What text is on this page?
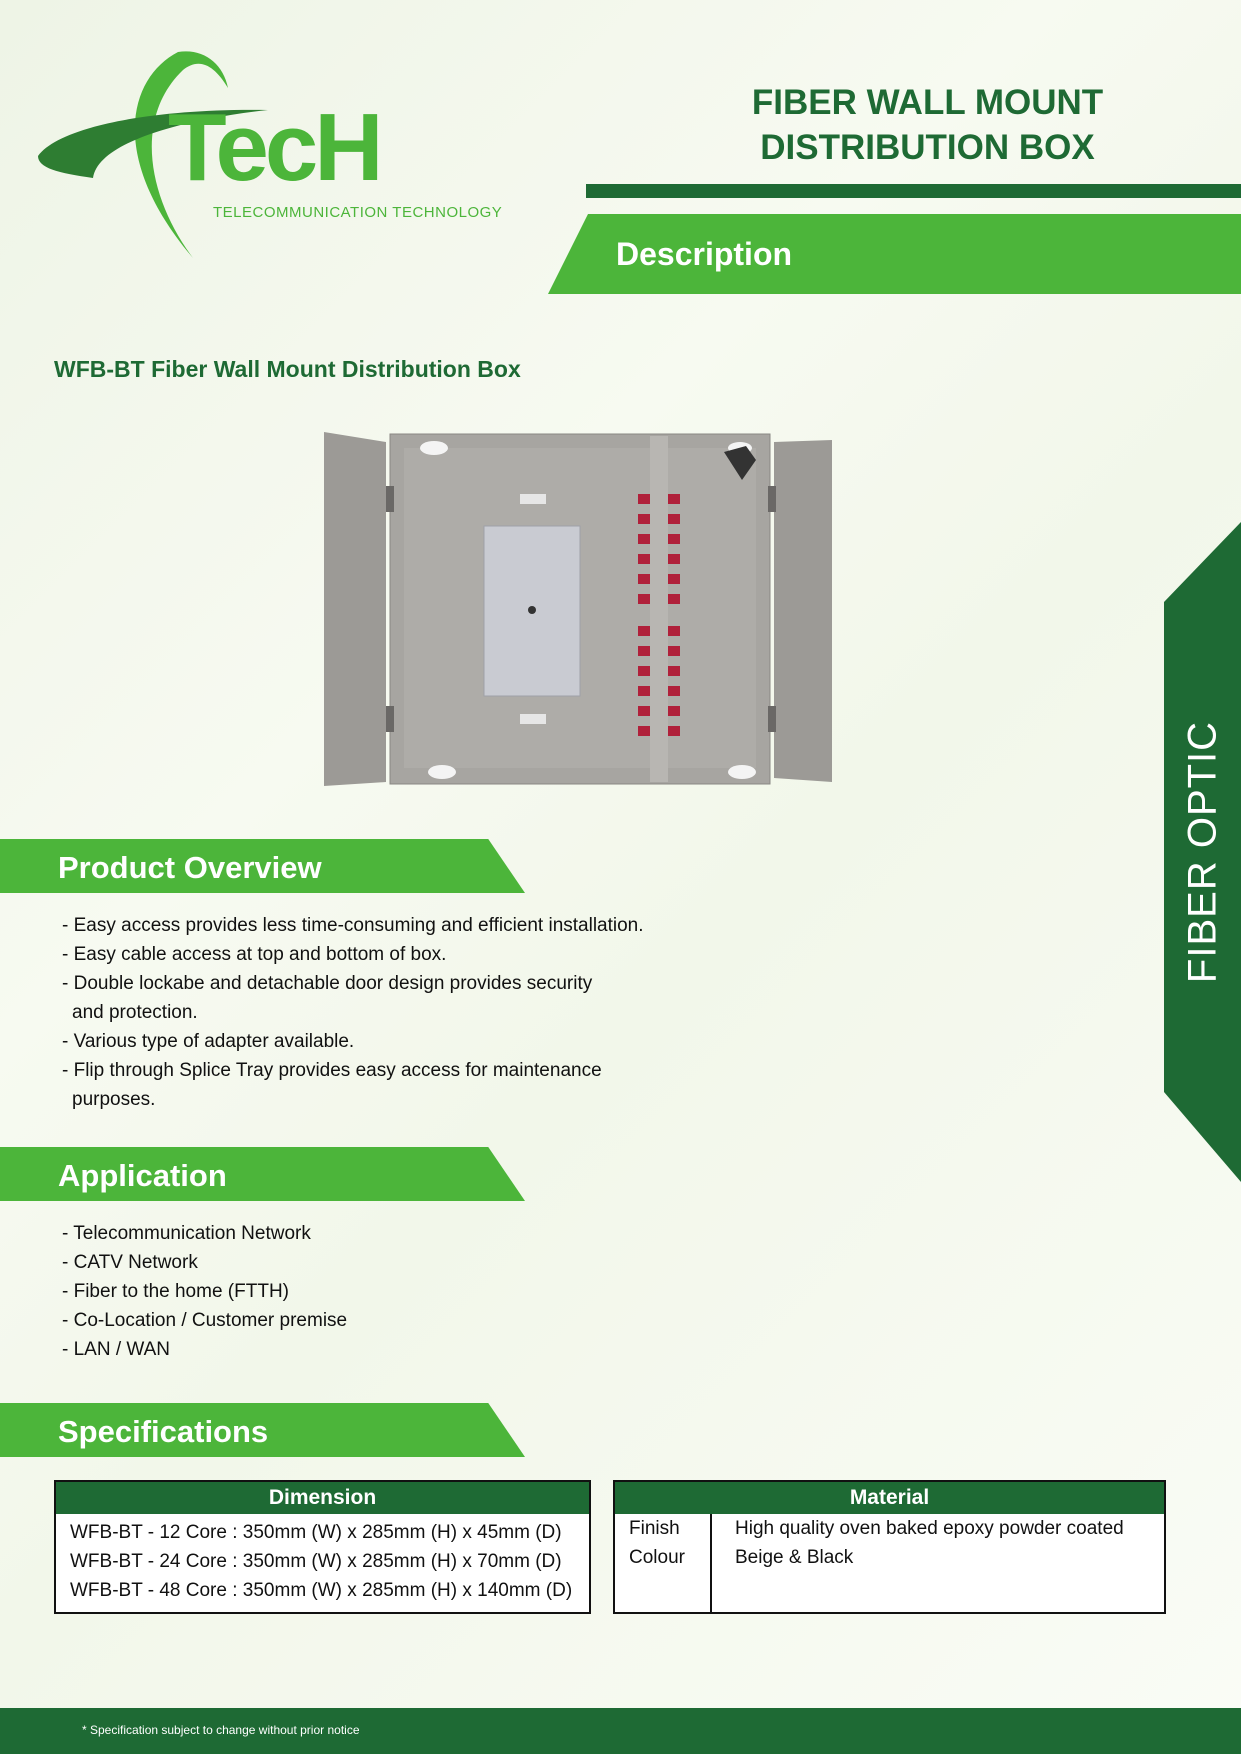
TecH
TELECOMMUNICATION TECHNOLOGY
FIBER WALL MOUNT
DISTRIBUTION BOX
Description
WFB-BT Fiber Wall Mount Distribution Box
Product Overview
- Easy access provides less time-consuming and efficient installation.
- Easy cable access at top and bottom of box.
- Double lockabe and detachable door design provides security
and protection.
- Various type of adapter available.
- Flip through Splice Tray provides easy access for maintenance
purposes.
Application
- Telecommunication Network
- CATV Network
- Fiber to the home (FTTH)
- Co-Location / Customer premise
- LAN / WAN
Specifications
Dimension
WFB-BT - 12 Core : 350mm (W) x 285mm (H) x 45mm (D)
WFB-BT - 24 Core : 350mm (W) x 285mm (H) x 70mm (D)
WFB-BT - 48 Core : 350mm (W) x 285mm (H) x 140mm (D)
Material
Finish	High quality oven baked epoxy powder coated
Colour	Beige & Black
FIBER OPTIC
* Specification subject to change without prior notice
